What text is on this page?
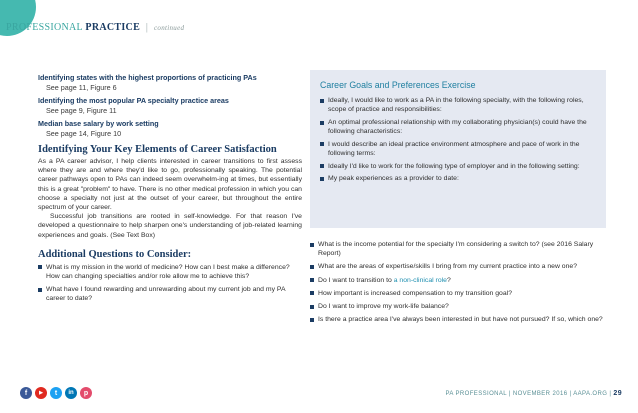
PROFESSIONAL PRACTICE | continued
Identifying states with the highest proportions of practicing PAs
See page 11, Figure 6
Identifying the most popular PA specialty practice areas
See page 9, Figure 11
Median base salary by work setting
See page 14, Figure 10
Identifying Your Key Elements of Career Satisfaction

As a PA career advisor, I help clients interested in career transitions to first assess where they are and where they'd like to go, professionally speaking. The potential career pathways open to PAs can indeed seem overwhelm-ing at times, but essentially this is a great "problem" to have. There is no other medical profession in which you can choose a specialty not just at the outset of your career, but throughout the entire spectrum of your career.

Successful job transitions are rooted in self-knowledge. For that reason I've developed a questionnaire to help sharpen one's understanding of job-related learning experiences and goals. (See Text Box)

Additional Questions to Consider:
What is my mission in the world of medicine? How can I best make a difference? How can changing specialties and/or role allow me to achieve this?
What have I found rewarding and unrewarding about my current job and my PA career to date?
Career Goals and Preferences Exercise
Ideally, I would like to work as a PA in the following specialty, with the following roles, scope of practice and responsibilities:
An optimal professional relationship with my collaborating physician(s) could have the following characteristics:
I would describe an ideal practice environment atmosphere and pace of work in the following terms:
Ideally I'd like to work for the following type of employer and in the following setting:
My peak experiences as a provider to date:
What is the income potential for the specialty I'm considering a switch to? (see 2016 Salary Report)
What are the areas of expertise/skills I bring from my current practice into a new one?
Do I want to transition to a non-clinical role?
How important is increased compensation to my transition goal?
Do I want to improve my work-life balance?
Is there a practice area I've always been interested in but have not pursued? If so, which one?
f ▶ t in p	PA PROFESSIONAL | NOVEMBER 2016 | AAPA.ORG | 29
